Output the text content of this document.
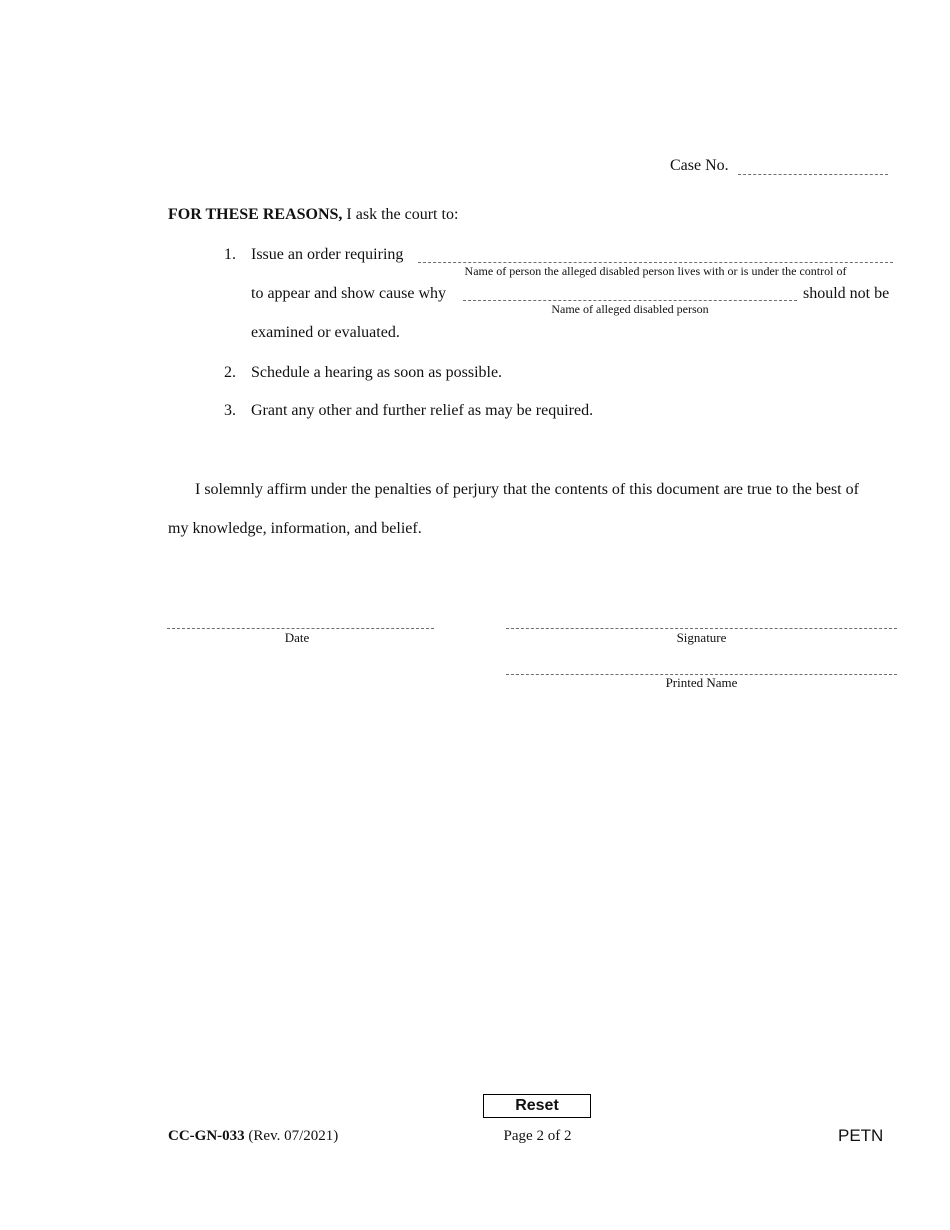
Case No.
FOR THESE REASONS, I ask the court to:
1. Issue an order requiring
Name of person the alleged disabled person lives with or is under the control of
to appear and show cause why
Name of alleged disabled person
should not be
examined or evaluated.
2. Schedule a hearing as soon as possible.
3. Grant any other and further relief as may be required.
I solemnly affirm under the penalties of perjury that the contents of this document are true to the best of
my knowledge, information, and belief.
Date	Signature
Printed Name
Reset
CC-GN-033 (Rev. 07/2021)	Page 2 of 2	PETN
